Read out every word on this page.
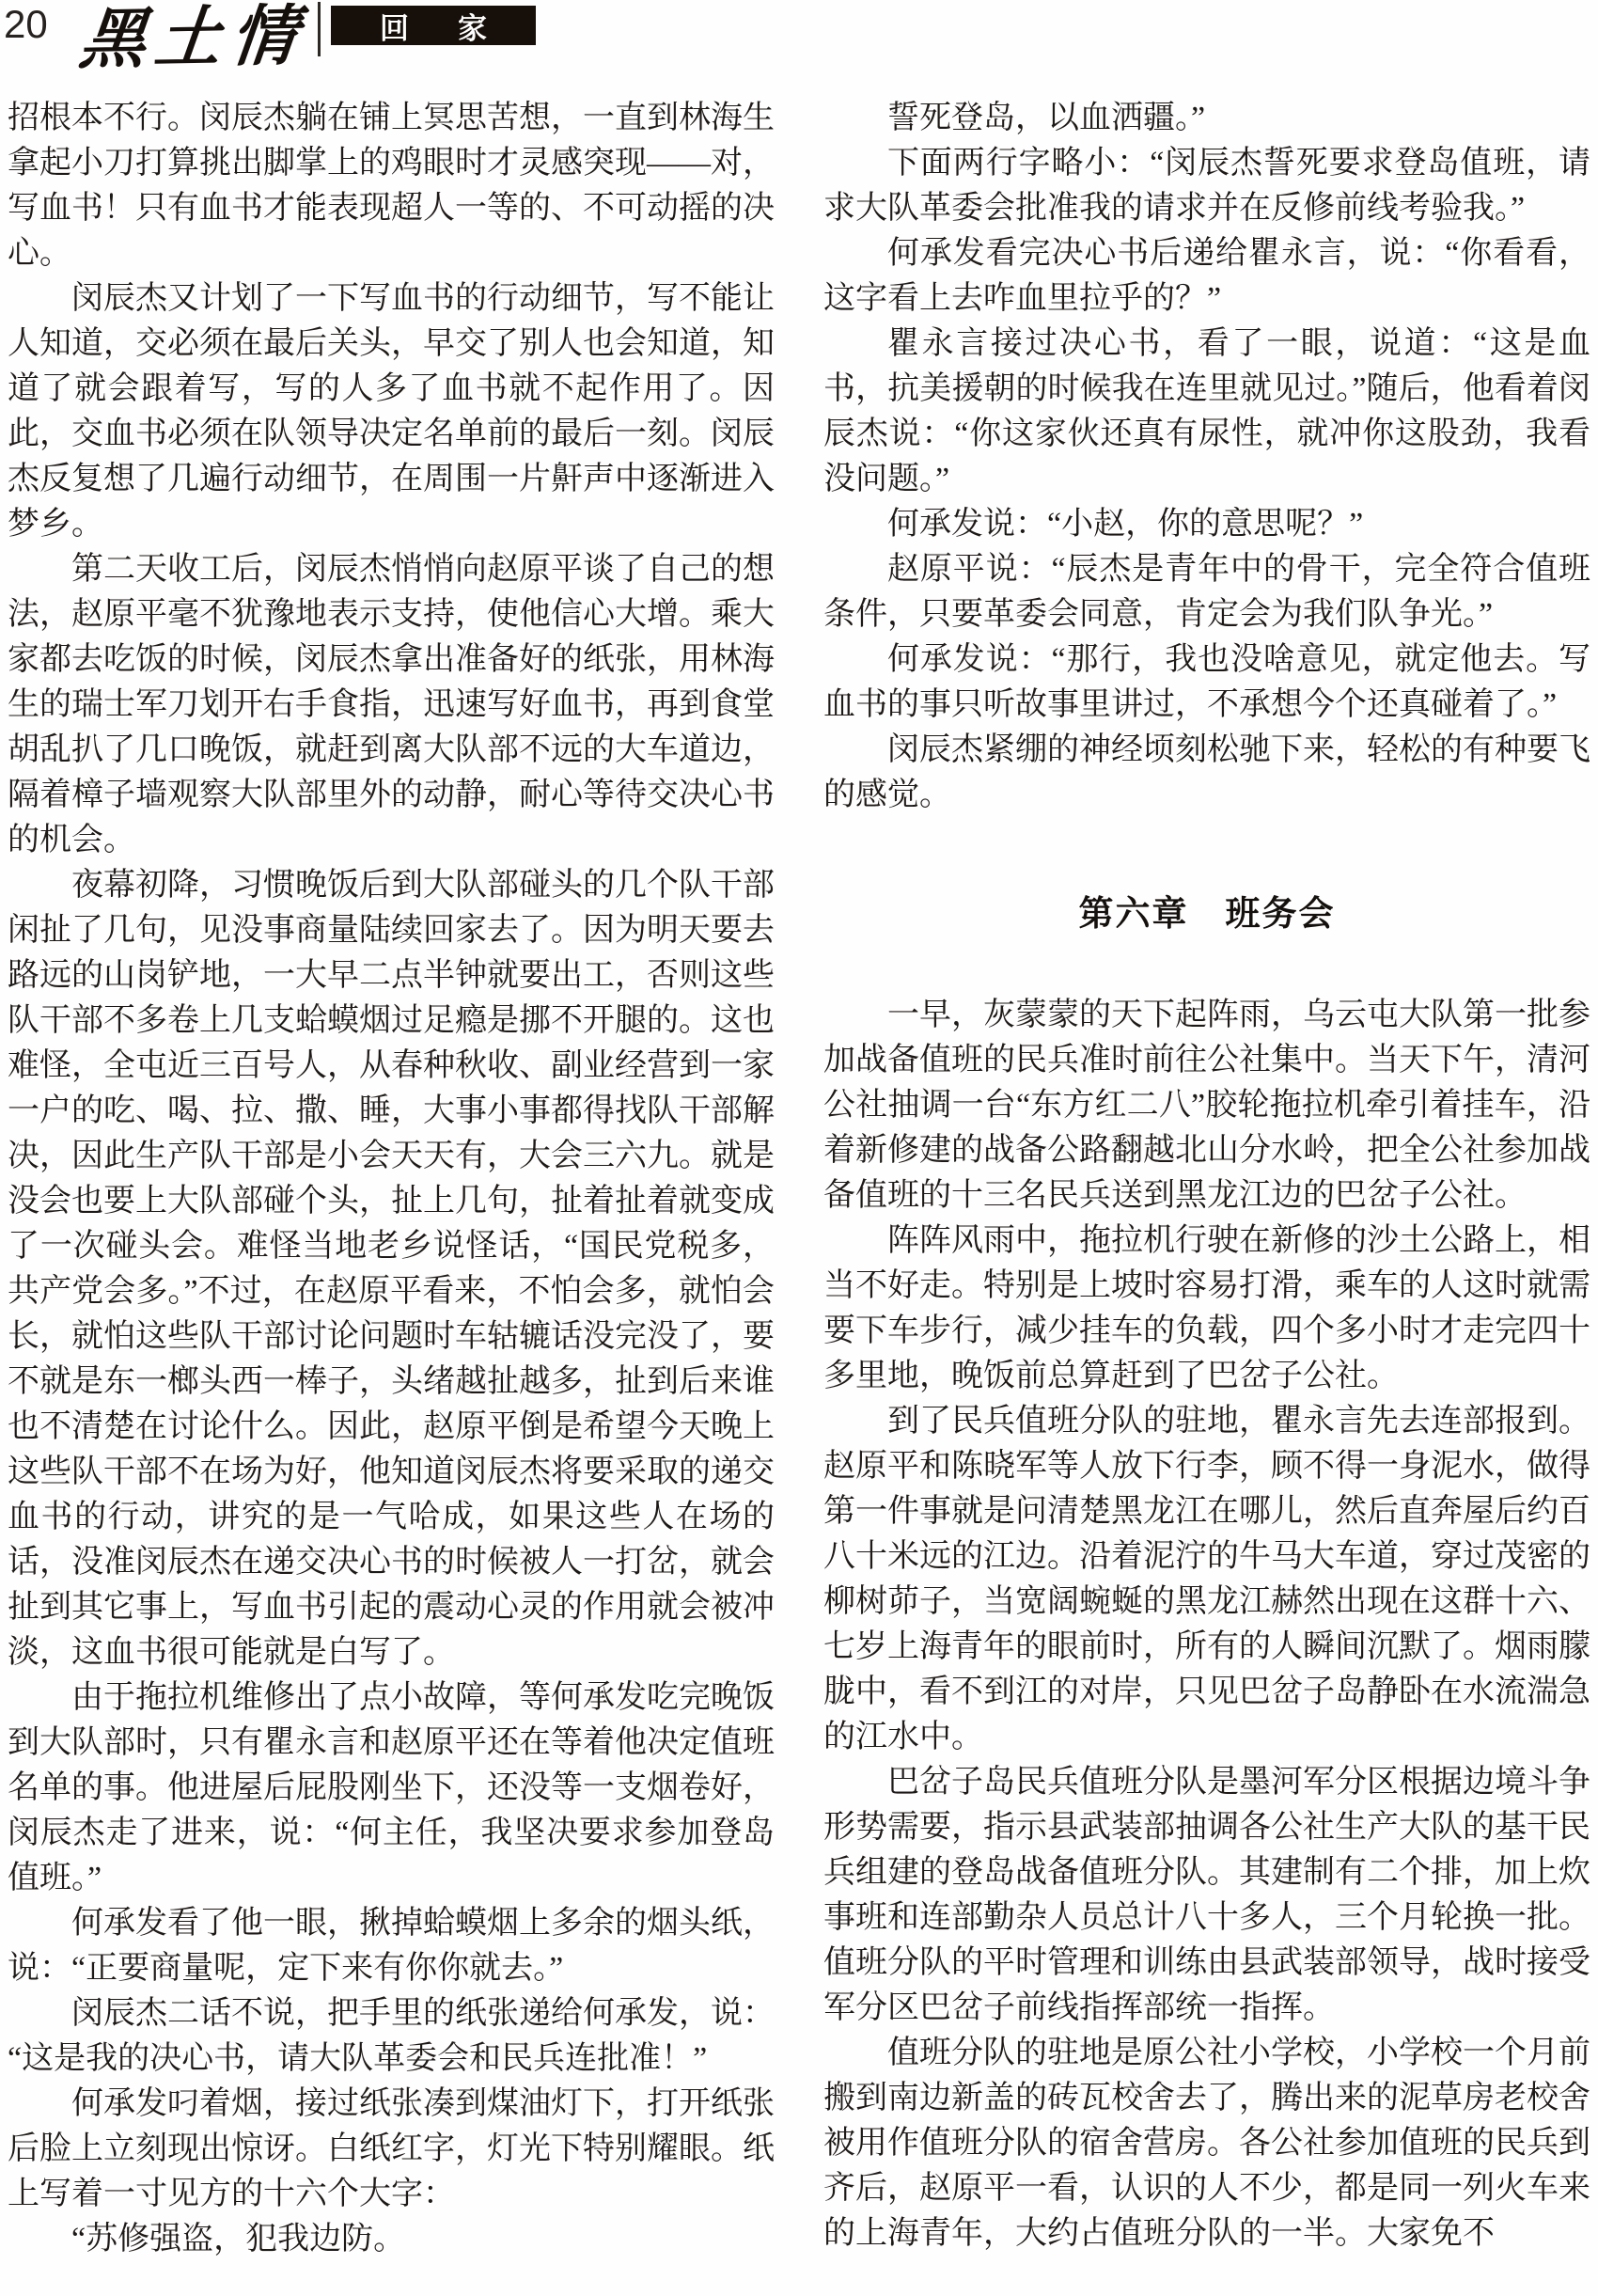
20 黑土情 回家

招根本不行。闵辰杰躺在铺上冥思苦想，一直到林海生拿起小刀打算挑出脚掌上的鸡眼时才灵感突现——对，写血书！只有血书才能表现超人一等的、不可动摇的决心。

闵辰杰又计划了一下写血书的行动细节，写不能让人知道，交必须在最后关头，早交了别人也会知道，知道了就会跟着写，写的人多了血书就不起作用了。因此，交血书必须在队领导决定名单前的最后一刻。闵辰杰反复想了几遍行动细节，在周围一片鼾声中逐渐进入梦乡。

第二天收工后，闵辰杰悄悄向赵原平谈了自己的想法，赵原平毫不犹豫地表示支持，使他信心大增。乘大家都去吃饭的时候，闵辰杰拿出准备好的纸张，用林海生的瑞士军刀划开右手食指，迅速写好血书，再到食堂胡乱扒了几口晚饭，就赶到离大队部不远的大车道边，隔着樟子墙观察大队部里外的动静，耐心等待交决心书的机会。

夜幕初降，习惯晚饭后到大队部碰头的几个队干部闲扯了几句，见没事商量陆续回家去了。因为明天要去路远的山岗铲地，一大早二点半钟就要出工，否则这些队干部不多卷上几支蛤蟆烟过足瘾是挪不开腿的。这也难怪，全屯近三百号人，从春种秋收、副业经营到一家一户的吃、喝、拉、撒、睡，大事小事都得找队干部解决，因此生产队干部是小会天天有，大会三六九。就是没会也要上大队部碰个头，扯上几句，扯着扯着就变成了一次碰头会。难怪当地老乡说怪话，“国民党税多，共产党会多。”不过，在赵原平看来，不怕会多，就怕会长，就怕这些队干部讨论问题时车轱辘话没完没了，要不就是东一榔头西一棒子，头绪越扯越多，扯到后来谁也不清楚在讨论什么。因此，赵原平倒是希望今天晚上这些队干部不在场为好，他知道闵辰杰将要采取的递交血书的行动，讲究的是一气哈成，如果这些人在场的话，没准闵辰杰在递交决心书的时候被人一打岔，就会扯到其它事上，写血书引起的震动心灵的作用就会被冲淡，这血书很可能就是白写了。

由于拖拉机维修出了点小故障，等何承发吃完晚饭到大队部时，只有瞿永言和赵原平还在等着他决定值班名单的事。他进屋后屁股刚坐下，还没等一支烟卷好，闵辰杰走了进来，说：“何主任，我坚决要求参加登岛值班。”

何承发看了他一眼，揪掉蛤蟆烟上多余的烟头纸，说：“正要商量呢，定下来有你你就去。”

闵辰杰二话不说，把手里的纸张递给何承发，说：“这是我的决心书，请大队革委会和民兵连批准！”

何承发叼着烟，接过纸张凑到煤油灯下，打开纸张后脸上立刻现出惊讶。白纸红字，灯光下特别耀眼。纸上写着一寸见方的十六个大字：

“苏修强盗，犯我边防。

誓死登岛，以血洒疆。”

下面两行字略小：“闵辰杰誓死要求登岛值班，请求大队革委会批准我的请求并在反修前线考验我。”

何承发看完决心书后递给瞿永言，说：“你看看，这字看上去咋血里拉乎的？”

瞿永言接过决心书，看了一眼，说道：“这是血书，抗美援朝的时候我在连里就见过。”随后，他看着闵辰杰说：“你这家伙还真有尿性，就冲你这股劲，我看没问题。”

何承发说：“小赵，你的意思呢？”

赵原平说：“辰杰是青年中的骨干，完全符合值班条件，只要革委会同意，肯定会为我们队争光。”

何承发说：“那行，我也没啥意见，就定他去。写血书的事只听故事里讲过，不承想今个还真碰着了。”

闵辰杰紧绷的神经顷刻松驰下来，轻松的有种要飞的感觉。

第六章　班务会

一早，灰蒙蒙的天下起阵雨，乌云屯大队第一批参加战备值班的民兵准时前往公社集中。当天下午，清河公社抽调一台“东方红二八”胶轮拖拉机牵引着挂车，沿着新修建的战备公路翻越北山分水岭，把全公社参加战备值班的十三名民兵送到黑龙江边的巴岔子公社。

阵阵风雨中，拖拉机行驶在新修的沙土公路上，相当不好走。特别是上坡时容易打滑，乘车的人这时就需要下车步行，减少挂车的负载，四个多小时才走完四十多里地，晚饭前总算赶到了巴岔子公社。

到了民兵值班分队的驻地，瞿永言先去连部报到。赵原平和陈晓军等人放下行李，顾不得一身泥水，做得第一件事就是问清楚黑龙江在哪儿，然后直奔屋后约百八十米远的江边。沿着泥泞的牛马大车道，穿过茂密的柳树茆子，当宽阔蜿蜒的黑龙江赫然出现在这群十六、七岁上海青年的眼前时，所有的人瞬间沉默了。烟雨朦胧中，看不到江的对岸，只见巴岔子岛静卧在水流湍急的江水中。

巴岔子岛民兵值班分队是墨河军分区根据边境斗争形势需要，指示县武装部抽调各公社生产大队的基干民兵组建的登岛战备值班分队。其建制有二个排，加上炊事班和连部勤杂人员总计八十多人，三个月轮换一批。值班分队的平时管理和训练由县武装部领导，战时接受军分区巴岔子前线指挥部统一指挥。

值班分队的驻地是原公社小学校，小学校一个月前搬到南边新盖的砖瓦校舍去了，腾出来的泥草房老校舍被用作值班分队的宿舍营房。各公社参加值班的民兵到齐后，赵原平一看，认识的人不少，都是同一列火车来的上海青年，大约占值班分队的一半。大家免不
